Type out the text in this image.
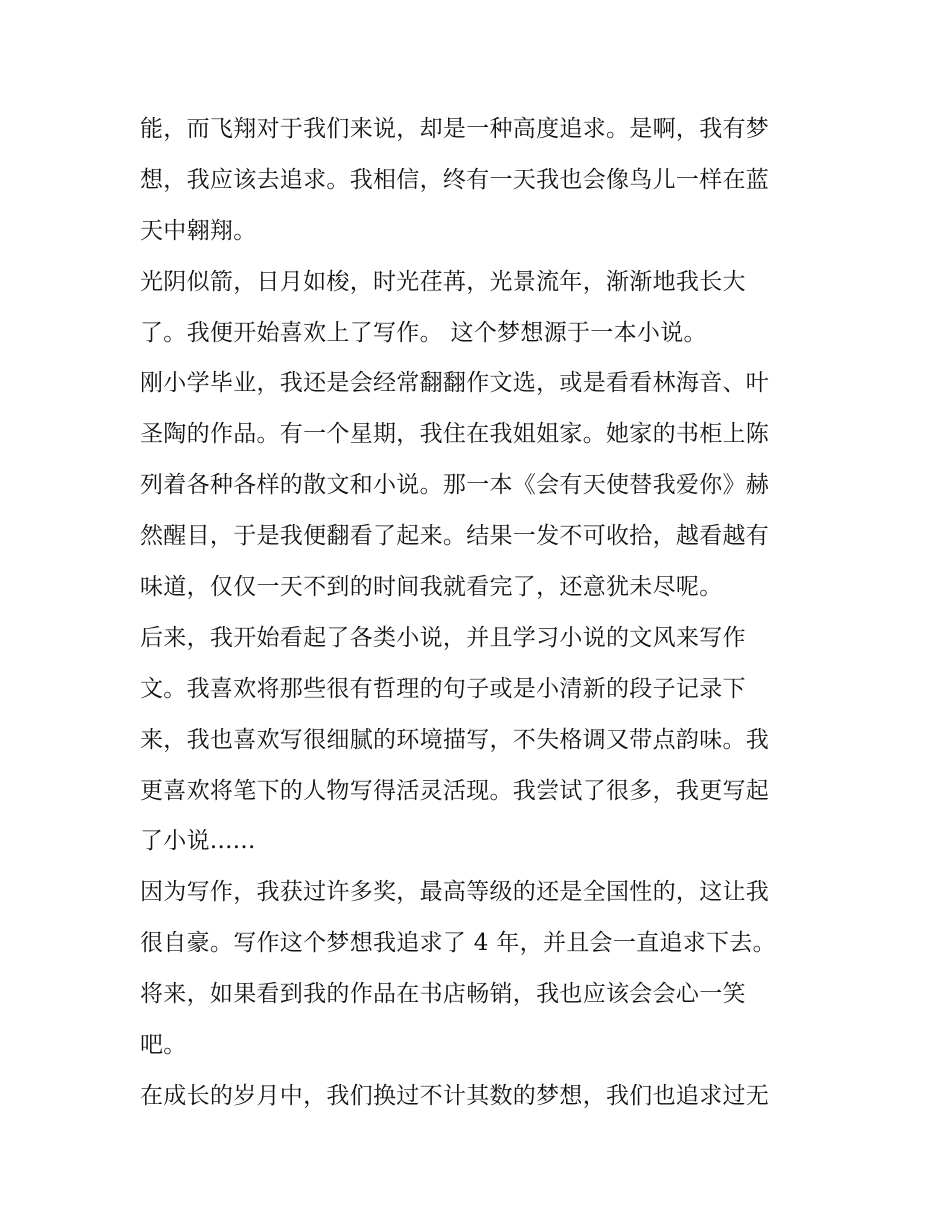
能，而飞翔对于我们来说，却是一种高度追求。是啊，我有梦
想，我应该去追求。我相信，终有一天我也会像鸟儿一样在蓝
天中翱翔。
光阴似箭，日月如梭，时光荏苒，光景流年，渐渐地我长大
了。我便开始喜欢上了写作。 这个梦想源于一本小说。
刚小学毕业，我还是会经常翻翻作文选，或是看看林海音、叶
圣陶的作品。有一个星期，我住在我姐姐家。她家的书柜上陈
列着各种各样的散文和小说。那一本《会有天使替我爱你》赫
然醒目，于是我便翻看了起来。结果一发不可收拾，越看越有
味道，仅仅一天不到的时间我就看完了，还意犹未尽呢。
后来，我开始看起了各类小说，并且学习小说的文风来写作
文。我喜欢将那些很有哲理的句子或是小清新的段子记录下
来，我也喜欢写很细腻的环境描写，不失格调又带点韵味。我
更喜欢将笔下的人物写得活灵活现。我尝试了很多，我更写起
了小说......
因为写作，我获过许多奖，最高等级的还是全国性的，这让我
很自豪。写作这个梦想我追求了 4 年，并且会一直追求下去。
将来，如果看到我的作品在书店畅销，我也应该会会心一笑
吧。
在成长的岁月中，我们换过不计其数的梦想，我们也追求过无
